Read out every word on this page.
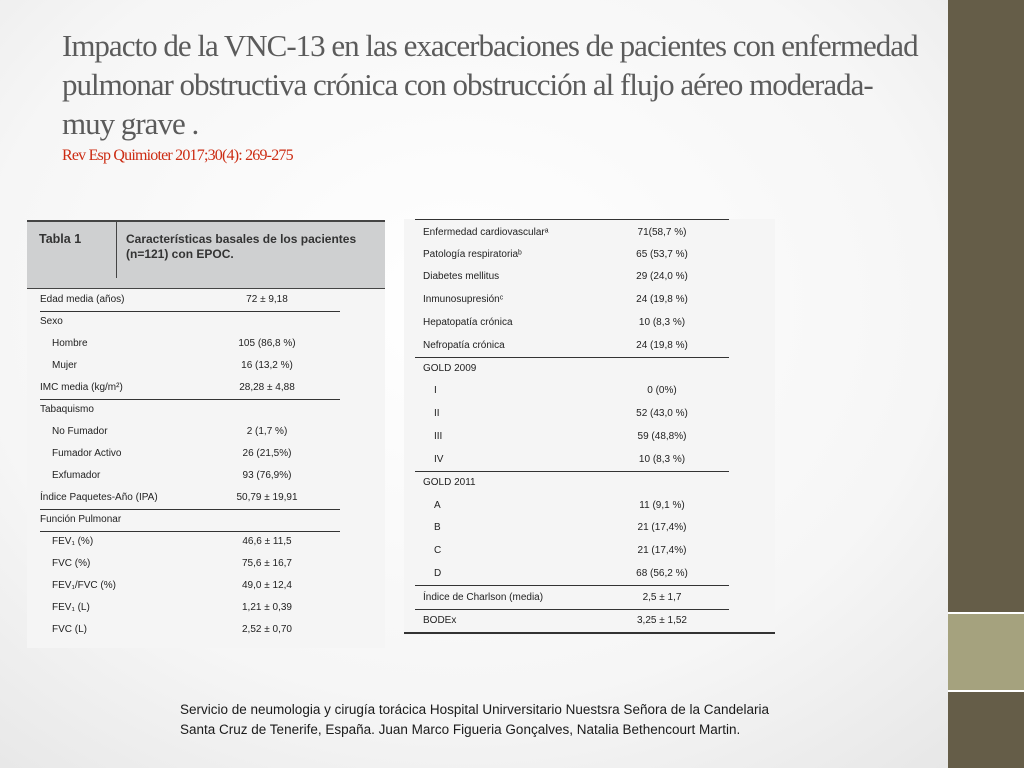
Impacto de la VNC-13 en las exacerbaciones de pacientes con enfermedad pulmonar obstructiva crónica con obstrucción al flujo aéreo moderada-muy grave .
Rev Esp Quimioter 2017;30(4): 269-275
Tabla 1	Características basales de los pacientes (n=121) con EPOC.
Edad media (años)	72 ± 9,18
Sexo
Hombre	105 (86,8 %)
Mujer	16 (13,2 %)
IMC media (kg/m²)	28,28 ± 4,88
Tabaquismo
No Fumador	2 (1,7 %)
Fumador Activo	26 (21,5%)
Exfumador	93 (76,9%)
Índice Paquetes-Año (IPA)	50,79 ± 19,91
Función Pulmonar
FEV₁ (%)	46,6 ± 11,5
FVC (%)	75,6 ± 16,7
FEV₁/FVC (%)	49,0 ± 12,4
FEV₁ (L)	1,21 ± 0,39
FVC (L)	2,52 ± 0,70
Enfermedad cardiovascularᵃ	71(58,7 %)
Patología respiratoriaᵇ	65 (53,7 %)
Diabetes mellitus	29 (24,0 %)
Inmunosupresiónᶜ	24 (19,8 %)
Hepatopatía crónica	10 (8,3 %)
Nefropatía crónica	24 (19,8 %)
GOLD 2009
I	0 (0%)
II	52 (43,0 %)
III	59 (48,8%)
IV	10 (8,3 %)
GOLD 2011
A	11 (9,1 %)
B	21 (17,4%)
C	21 (17,4%)
D	68 (56,2 %)
Índice de Charlson (media)	2,5 ± 1,7
BODEx	3,25 ± 1,52
Servicio de neumologia y cirugía torácica Hospital Unirversitario Nuestsra Señora de la Candelaria
Santa Cruz de Tenerife, España. Juan Marco Figueria Gonçalves, Natalia Bethencourt Martin.
